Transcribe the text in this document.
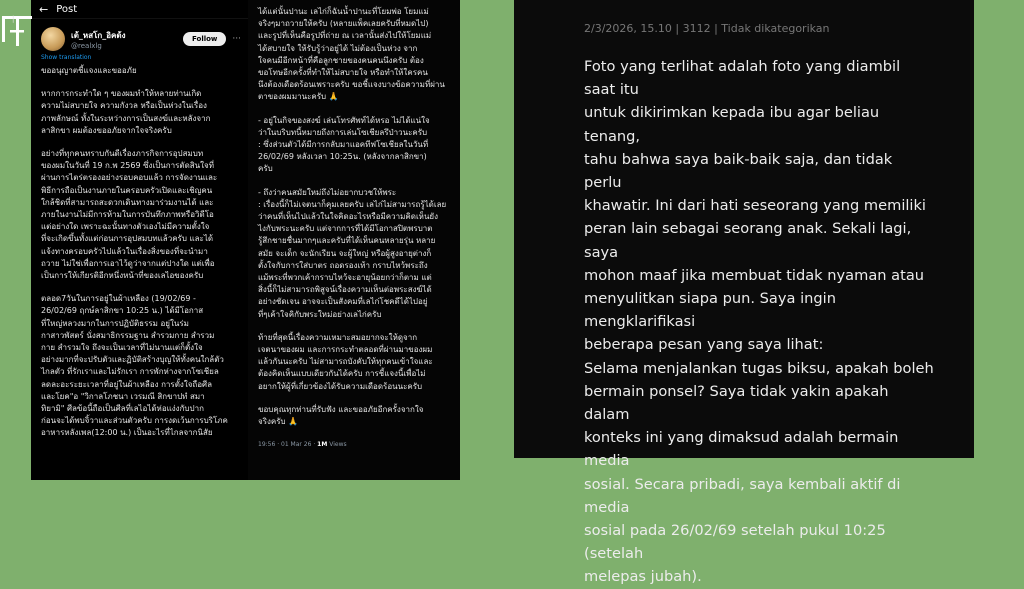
← Post
เต้_หสโก_อิคต้ง
@realxlg
Follow	···
Show translation

ขออนุญาตชี้แจงและขออภัย

หากการกระทำใด ๆ ของผมทำให้หลายท่านเกิด
ความไม่สบายใจ ความกังวล หรือเป็นห่วงในเรื่อง
ภาพลักษณ์ ทั้งในระหว่างการเป็นสงฆ์และหลังจาก
ลาสิกขา ผมต้องขออภัยจากใจจริงครับ

อย่างที่ทุกคนทราบกันดีเรื่องภารกิจการอุปสมบท
ของผมในวันที่ 19 ก.พ 2569 ซึ่งเป็นการตัดสินใจที่
ผ่านการไตร่ตรองอย่างรอบคอบแล้ว การจัดงานและ
พิธีการถือเป็นงานภายในครอบครัวเปิดและเชิญคน
ใกล้ชิดที่สามารถสะดวกเดินทางมาร่วมงานได้ และ
ภายในงานไม่มีการห้ามในการบันทึกภาพหรือวิดีโอ
แต่อย่างใด เพราะฉะนั้นทางตัวเองไม่มีความตั้งใจ
ที่จะเกิดขึ้นทั้งแต่ก่อนการอุปสมบทแล้วครับ และได้
แจ้งทางครอบครัวไปแล้วในเรื่องสิ่งของที่จะนำมา
ถวาย ไม่ใช่เพื่อการเอาไว้ดูว่าจากแต่ปางใด แต่เพื่อ
เป็นการให้เกียรติอีกหนึ่งหน้าที่ของเลไอของครับ

ตลอด7วันในการอยู่ในผ้าเหลือง (19/02/69 -
26/02/69 ฤกษ์ลาสิกขา 10:25 น.) ได้มีโอกาส
ที่ใหญ่หลวงมากในการปฏิบัติธรรม อยู่ในร่ม
กาสาวพัสตร์ นั่งสมาธิกรรมฐาน สำรวมกาย สำรวม
กาย สำรวมใจ ถึงจะเป็นเวลาที่ไม่นานแต่ก็ตั้งใจ
อย่างมากที่จะปรับตัวและฏิบัติสร้างบุญให้ทั้งคนใกล้ตัว
ไกลตัว ที่รักเราและไม่รักเรา การพักห่างจากโซเชียล
ลดละอะระยะเวลาที่อยู่ในผ้าเหลือง การตั้งใจถือศีล
และโยค"อ "วิกาลโภชนา เวรมณี สิกขาปทํ สมา
ทิยามิ" ศีลข้อนี้ถือเป็นศีลที่เลไอได้ห่อแง่งกับปาก
ก่อนจะได้พบจิ้วาและส่วนตัวครับ การงดเว้นการบริโภค
อาหารหลังเพล(12:00 น.) เป็นอะไรที่ไกลจากนิสัย

ได้แต่นั้นปานะ เลไก่ก็ฉันน้ำปานะที่โยมพ่อ โยมแม่
จริงๆมาถวายให้ครับ (หลายแพ็คเลยครับที่หมดไป)
และรูปที่เห็นคือรูปที่ถ่าย ณ เวลานั้นส่งไปให้โยมแม่
ได้สบายใจ ให้รับรู้ว่าอยู่ได้ ไม่ต้องเป็นห่วง จาก
ใจคนมีอีกหน้าที่คือลูกชายของคนคนนึงครับ ต้อง
ขอโทษอีกครั้งที่ทำให้ไม่สบายใจ หรือทำให้ใครคน
นึงต้องเดือดร้อนเพราะครับ ขอชี้แจงบางข้อความที่ผ่าน
ตาของผมมานะครับ 🙏

- อยู่ในกิจของสงฆ์ เล่นโทรศัพท์ได้หรอ ไม่ได้แน่ใจ
ว่าในบริบทนี้หมายถึงการเล่นโซเชียลรึป่าวนะครับ
: ซึ่งส่วนตัวได้มีการกลับมาแอคทีฟโซเชียลในวันที่
26/02/69 หลังเวลา 10:25น. (หลังจากลาสิกขา)
ครับ

- ถึงว่าคนสมัยใหม่ถึงไม่อยากบวชให้พระ
: เรื่องนี้ก็ไม่เจตนาก็คุมเลยครับ เลไก่ไม่สามารถรู้ได้เลย
ว่าคนที่เห็นไปแล้วในใจคิดอะไรหรือมีความคิดเห็นยัง
ไงกับพระนะครับ แต่จากการที่ได้มีโอกาสปิตพรบาต
รู้สึกชายชื่นมากๆและครับที่ได้เห็นคนหลายรุ่น หลาย
สมัย จะเด็ก จะนักเรียน จะผู้ใหญ่ หรือผู้สูงอายุต่างก็
ตั้งใจกับการใส่บาตร ถอดรองเท้า กราบไหว้พระถึง
แม้พระที่พวกเค้ากราบไหว้จะอายุน้อยกว่าก็ตาม แต่
สิ่งนี้ก็ไม่สามารถพิสูจน์เรื่องความเห็นต่อพระสงฆ์ได้
อย่างชัดเจน อาจจะเป็นสังคมที่เลไก่โชคดีได้ไปอยู่
ที่ๆเค้าใจคิกับพระใหม่อย่างเลไก่ครับ

ท้ายที่สุดนี้เรื่องความเหมาะสมอยากจะให้ดูจาก
เจตนาของผม และการกระทำตลอดที่ผ่านมาของผม
แล้วกันนะครับ ไม่สามารถบังคับให้ทุกคนเข้าใจและ
ต้องคิดเห็นแบบเดียวกันได้ครับ การชี้แจงนี้เพื่อไม่
อยากให้ผู้ที่เกี่ยวข้องได้รับความเดือดร้อนนะครับ

ขอบคุณทุกท่านที่รับฟัง และขออภัยอีกครั้งจากใจ
จริงครับ 🙏

19:56 · 01 Mar 26 · 1M Views
2/3/2026, 15.10 | 3112 | Tidak dikategorikan

Foto yang terlihat adalah foto yang diambil saat itu
untuk dikirimkan kepada ibu agar beliau tenang,
tahu bahwa saya baik-baik saja, dan tidak perlu
khawatir. Ini dari hati seseorang yang memiliki
peran lain sebagai seorang anak. Sekali lagi, saya
mohon maaf jika membuat tidak nyaman atau
menyulitkan siapa pun. Saya ingin mengklarifikasi
beberapa pesan yang saya lihat:
Selama menjalankan tugas biksu, apakah boleh
bermain ponsel? Saya tidak yakin apakah dalam
konteks ini yang dimaksud adalah bermain media
sosial. Secara pribadi, saya kembali aktif di media
sosial pada 26/02/69 setelah pukul 10:25 (setelah
melepas jubah).

|
